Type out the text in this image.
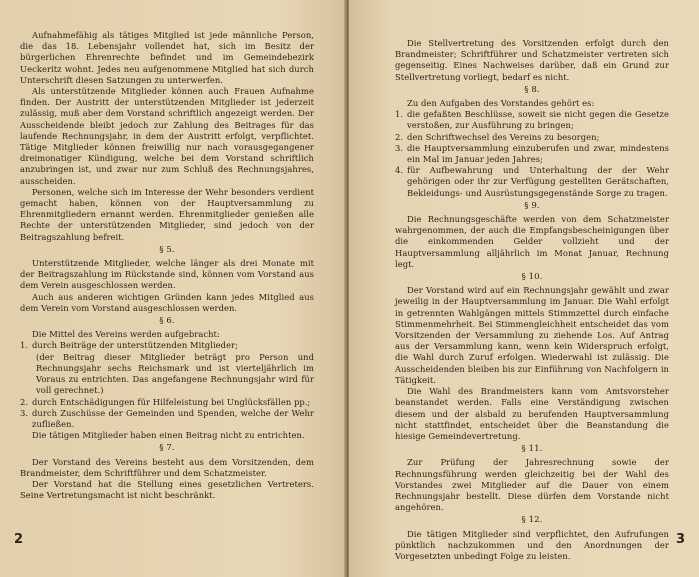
Aufnahmefähig als tätiges Mitglied ist jede männliche Person, die das 18. Lebensjahr vollendet hat, sich im Besitz der bürgerlichen Ehrenrechte befindet und im Gemeindebezirk Ueckeritz wohnt. Jedes neu aufgenommene Mitglied hat sich durch Unterschrift diesen Satzungen zu unterwerfen.

Als unterstützende Mitglieder können auch Frauen Aufnahme finden. Der Austritt der unterstützenden Mitglieder ist jederzeit zulässig, muß aber dem Vorstand schriftlich angezeigt werden. Der Ausscheidende bleibt jedoch zur Zahlung des Beitrages für das laufende Rechnungsjahr, in dem der Austritt erfolgt, verpflichtet. Tätige Mitglieder können freiwillig nur nach vorausgegangener dreimonatiger Kündigung, welche bei dem Vorstand schriftlich anzubringen ist, und zwar nur zum Schluß des Rechnungsjahres, ausscheiden.

Personen, welche sich im Interesse der Wehr besonders verdient gemacht haben, können von der Hauptversammlung zu Ehrenmitgliedern ernannt werden. Ehrenmitglieder genießen alle Rechte der unterstützenden Mitglieder, sind jedoch von der Beitragszahlung befreit.

§ 5.

Unterstützende Mitglieder, welche länger als drei Monate mit der Beitragszahlung im Rückstande sind, können vom Vorstand aus dem Verein ausgeschlossen werden.

Auch aus anderen wichtigen Gründen kann jedes Mitglied aus dem Verein vom Vorstand ausgeschlossen werden.

§ 6.

Die Mittel des Vereins werden aufgebracht:

1. durch Beiträge der unterstützenden Mitglieder;

(der Beitrag dieser Mitglieder beträgt pro Person und Rechnungsjahr sechs Reichsmark und ist vierteljährlich im Voraus zu entrichten. Das angefangene Rechnungsjahr wird für voll gerechnet.)

2. durch Entschädigungen für Hilfeleistung bei Unglücksfällen pp.;
3. durch Zuschüsse der Gemeinden und Spenden, welche der Wehr zufließen.

Die tätigen Mitglieder haben einen Beitrag nicht zu entrichten.

§ 7.

Der Vorstand des Vereins besteht aus dem Vorsitzenden, dem Brandmeister, dem Schriftführer und dem Schatzmeister.

Der Vorstand hat die Stellung eines gesetzlichen Vertreters. Seine Vertretungsmacht ist nicht beschränkt.

2

Die Stellvertretung des Vorsitzenden erfolgt durch den Brandmeister; Schriftführer und Schatzmeister vertreten sich gegenseitig. Eines Nachweises darüber, daß ein Grund zur Stellvertretung vorliegt, bedarf es nicht.

§ 8.

Zu den Aufgaben des Vorstandes gehört es:

1. die gefaßten Beschlüsse, soweit sie nicht gegen die Gesetze verstoßen, zur Ausführung zu bringen;
2. den Schriftwechsel des Vereins zu besorgen;
3. die Hauptversammlung einzuberufen und zwar, mindestens ein Mal im Januar jeden Jahres;
4. für Aufbewahrung und Unterhaltung der der Wehr gehörigen oder ihr zur Verfügung gestellten Gerätschaften, Bekleidungs- und Ausrüstungsgegenstände Sorge zu tragen.
§ 9.

Die Rechnungsgeschäfte werden von dem Schatzmeister wahrgenommen, der auch die Empfangsbescheinigungen über die einkommenden Gelder vollzieht und der Hauptversammlung alljährlich im Monat Januar, Rechnung legt.

§ 10.

Der Vorstand wird auf ein Rechnungsjahr gewählt und zwar jeweilig in der Hauptversammlung im Januar. Die Wahl erfolgt in getrennten Wahlgängen mittels Stimmzettel durch einfache Stimmenmehrheit. Bei Stimmengleichheit entscheidet das vom Vorsitzenden der Versammlung zu ziehende Los. Auf Antrag aus der Versammlung kann, wenn kein Widerspruch erfolgt, die Wahl durch Zuruf erfolgen. Wiederwahl ist zulässig. Die Ausscheidenden bleiben bis zur Einführung von Nachfolgern in Tätigkeit.

Die Wahl des Brandmeisters kann vom Amtsvorsteher beanstandet werden. Falls eine Verständigung zwischen diesem und der alsbald zu berufenden Hauptversammlung nicht stattfindet, entscheidet über die Beanstandung die hiesige Gemeindevertretung.

§ 11.

Zur Prüfung der Jahresrechnung sowie der Rechnungsführung werden gleichzeitig bei der Wahl des Vorstandes zwei Mitglieder auf die Dauer von einem Rechnungsjahr bestellt. Diese dürfen dem Vorstande nicht angehören.

§ 12.

Die tätigen Mitglieder sind verpflichtet, den Aufrufungen pünktlich nachzukommen und den Anordnungen der Vorgesetzten unbedingt Folge zu leisten.

3
